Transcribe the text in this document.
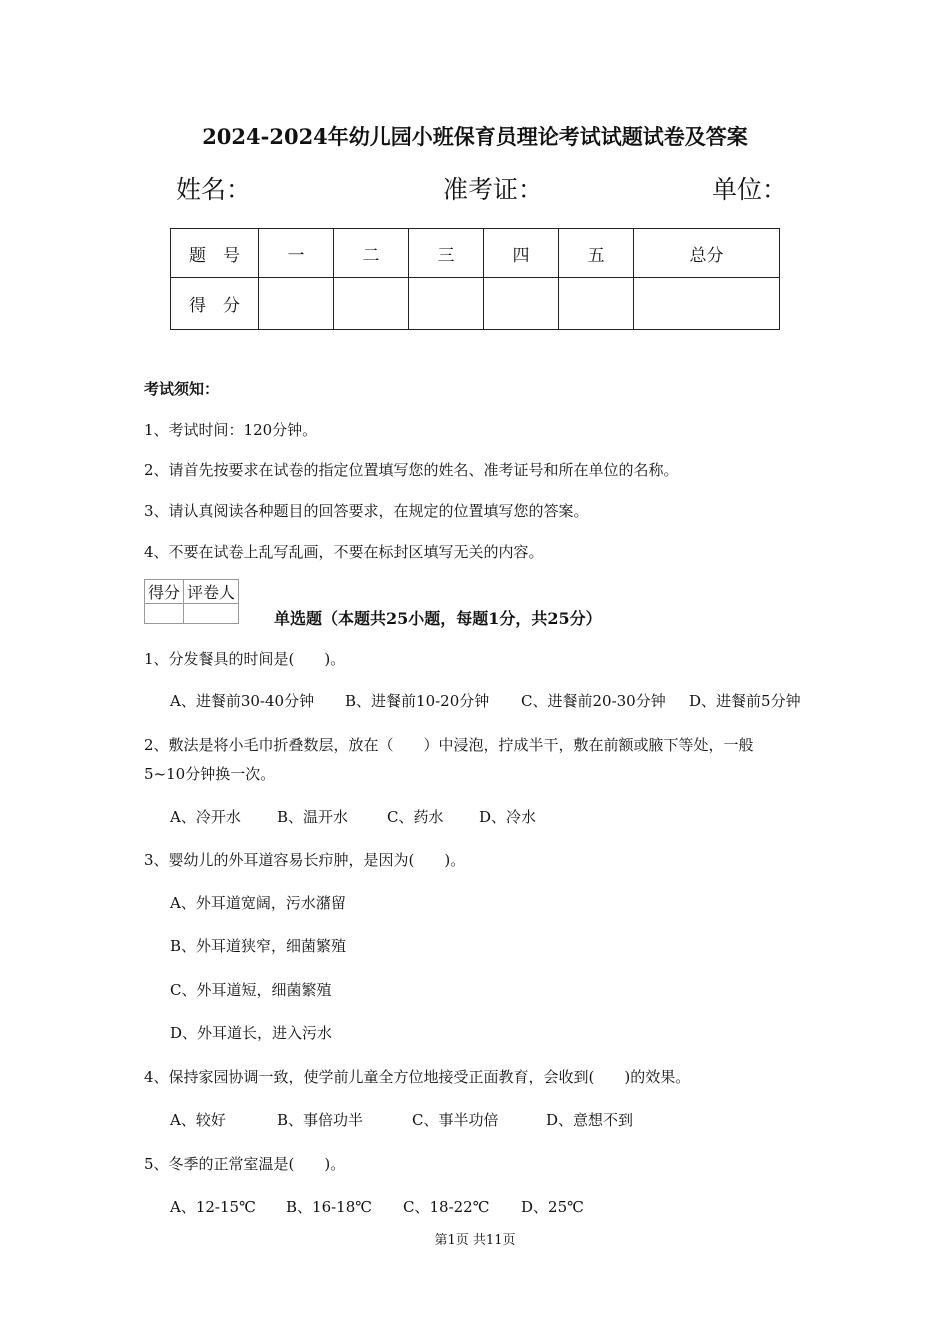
2024-2024年幼儿园小班保育员理论考试试题试卷及答案
姓名：	准考证：	单位：
题　号	一	二	三	四	五	总分
得　分						
考试须知：
1、考试时间：120分钟。
2、请首先按要求在试卷的指定位置填写您的姓名、准考证号和所在单位的名称。
3、请认真阅读各种题目的回答要求，在规定的位置填写您的答案。
4、不要在试卷上乱写乱画，不要在标封区填写无关的内容。
得分	评卷人

单选题（本题共25小题，每题1分，共25分）
1、分发餐具的时间是(　　)。
A、进餐前30-40分钟 B、进餐前10-20分钟 C、进餐前20-30分钟 D、进餐前5分钟
2、敷法是将小毛巾折叠数层，放在（　　）中浸泡，拧成半干，敷在前额或腋下等处，一般
5~10分钟换一次。
A、冷开水 B、温开水	C、药水 D、冷水
3、婴幼儿的外耳道容易长疖肿，是因为(　　)。
A、外耳道宽阔，污水潴留
B、外耳道狭窄，细菌繁殖
C、外耳道短，细菌繁殖
D、外耳道长，进入污水
4、保持家园协调一致，使学前儿童全方位地接受正面教育，会收到(　　)的效果。
A、较好	B、事倍功半	C、事半功倍	D、意想不到
5、冬季的正常室温是(　　)。
A、12-15℃ B、16-18℃ C、18-22℃ D、25℃
第1页 共11页
